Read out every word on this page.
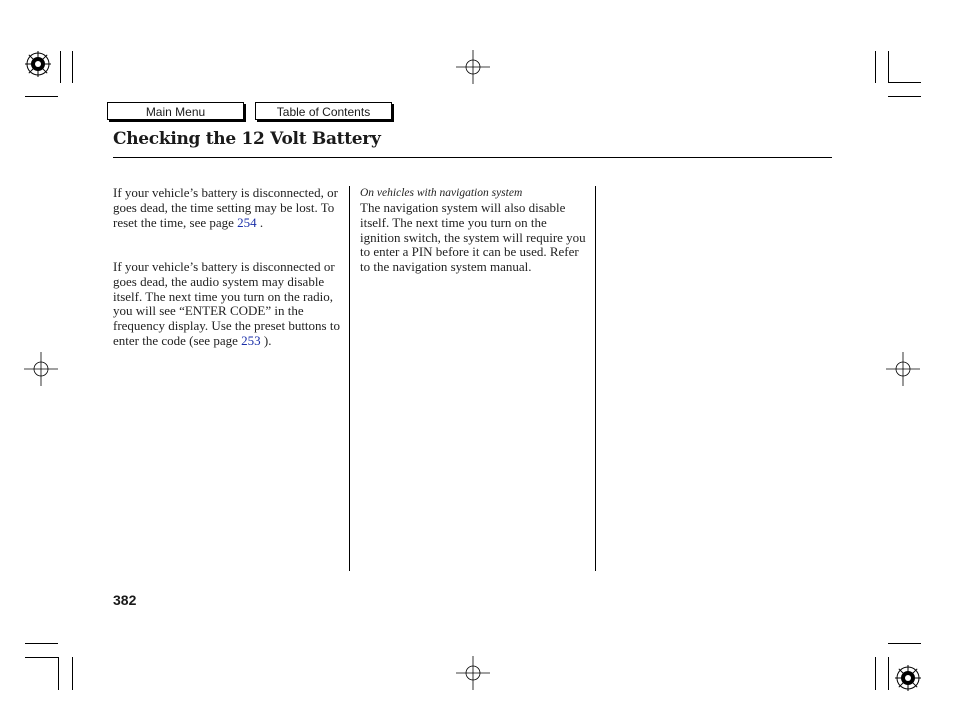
Main Menu	Table of Contents
Checking the 12 Volt Battery
If your vehicle’s battery is disconnected, or goes dead, the time setting may be lost. To reset the time, see page 254 .
If your vehicle’s battery is disconnected or goes dead, the audio system may disable itself. The next time you turn on the radio, you will see “ENTER CODE” in the frequency display. Use the preset buttons to enter the code (see page 253 ).
On vehicles with navigation system
The navigation system will also disable itself. The next time you turn on the ignition switch, the system will require you to enter a PIN before it can be used. Refer to the navigation system manual.
382
